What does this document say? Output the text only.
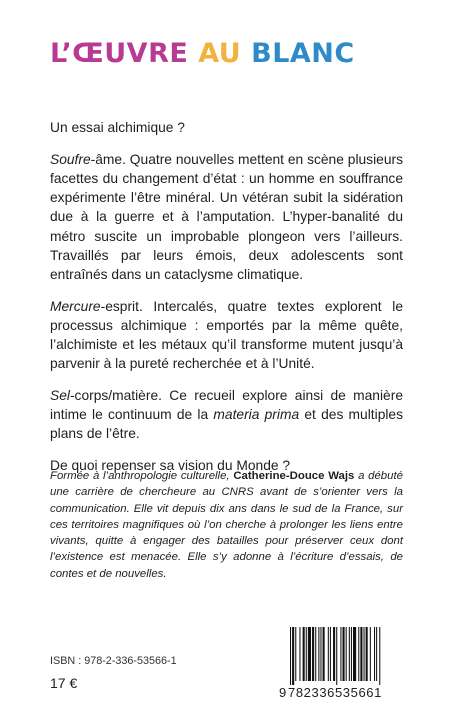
L’ŒUVRE AU BLANC

Un essai alchimique ?

Soufre-âme. Quatre nouvelles mettent en scène plusieurs facettes du changement d’état : un homme en souffrance expérimente l’être minéral. Un vétéran subit la sidération due à la guerre et à l’amputation. L’hyper-banalité du métro suscite un improbable plongeon vers l’ailleurs. Travaillés par leurs émois, deux adolescents sont entraînés dans un cataclysme climatique.

Mercure-esprit. Intercalés, quatre textes explorent le processus alchimique : emportés par la même quête, l’alchimiste et les métaux qu’il transforme mutent jusqu’à parvenir à la pureté recherchée et à l’Unité.

Sel-corps/matière. Ce recueil explore ainsi de manière intime le continuum de la materia prima et des multiples plans de l’être.

De quoi repenser sa vision du Monde ?

Formée à l’anthropologie culturelle, Catherine-Douce Wajs a débuté une carrière de chercheure au CNRS avant de s’orienter vers la communication. Elle vit depuis dix ans dans le sud de la France, sur ces territoires magnifiques où l’on cherche à prolonger les liens entre vivants, quitte à engager des batailles pour préserver ceux dont l’existence est menacée. Elle s’y adonne à l’écriture d’essais, de contes et de nouvelles.
ISBN : 978-2-336-53566-1
17 €
9 782336535661
